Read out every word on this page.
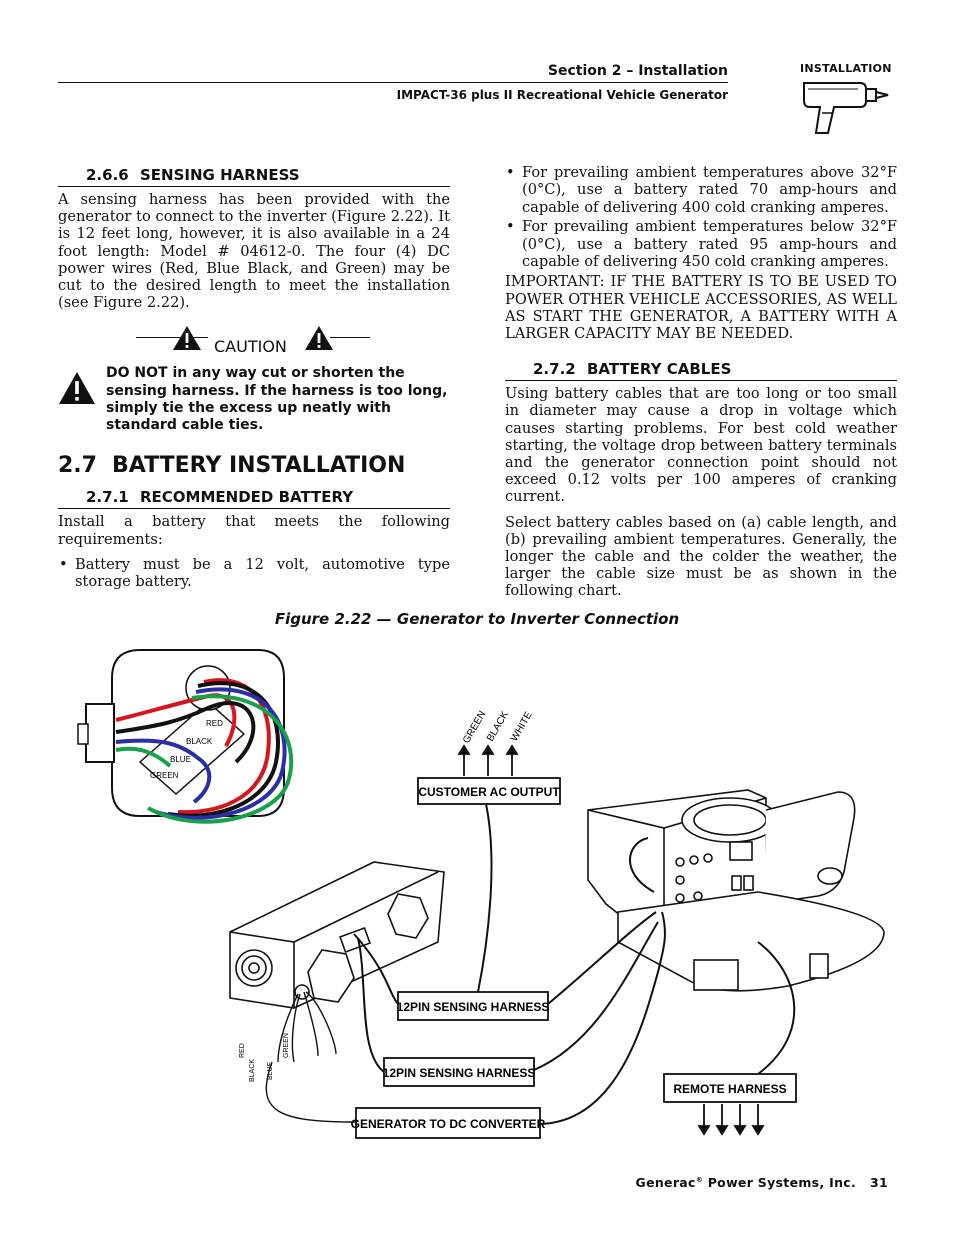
Section 2 – Installation
IMPACT-36 plus II Recreational Vehicle Generator
INSTALLATION
2.6.6 SENSING HARNESS

A sensing harness has been provided with the generator to connect to the inverter (Figure 2.22). It is 12 feet long, however, it is also available in a 24 foot length: Model # 04612-0. The four (4) DC power wires (Red, Blue Black, and Green) may be cut to the desired length to meet the installation (see Figure 2.22).

CAUTION
DO NOT in any way cut or shorten the sensing harness. If the harness is too long, simply tie the excess up neatly with standard cable ties.
2.7 BATTERY INSTALLATION
2.7.1 RECOMMENDED BATTERY

Install a battery that meets the following requirements:

• Battery must be a 12 volt, automotive type storage battery.
• For prevailing ambient temperatures above 32°F (0°C), use a battery rated 70 amp-hours and capable of delivering 400 cold cranking amperes.
• For prevailing ambient temperatures below 32°F (0°C), use a battery rated 95 amp-hours and capable of delivering 450 cold cranking amperes.

IMPORTANT: IF THE BATTERY IS TO BE USED TO POWER OTHER VEHICLE ACCESSORIES, AS WELL AS START THE GENERATOR, A BATTERY WITH A LARGER CAPACITY MAY BE NEEDED.

2.7.2 BATTERY CABLES

Using battery cables that are too long or too small in diameter may cause a drop in voltage which causes starting problems. For best cold weather starting, the voltage drop between battery terminals and the generator connection point should not exceed 0.12 volts per 100 amperes of cranking current.

Select battery cables based on (a) cable length, and (b) prevailing ambient temperatures. Generally, the longer the cable and the colder the weather, the larger the cable size must be as shown in the following chart.

Figure 2.22 — Generator to Inverter Connection
RED
BLACK
BLUE
GREEN
GREEN
BLACK
WHITE
CUSTOMER AC OUTPUT
12PIN SENSING HARNESS
12PIN SENSING HARNESS
REMOTE HARNESS
GENERATOR TO DC CONVERTER
RED
BLACK BLUE
GREEN
Generac® Power Systems, Inc. 31
